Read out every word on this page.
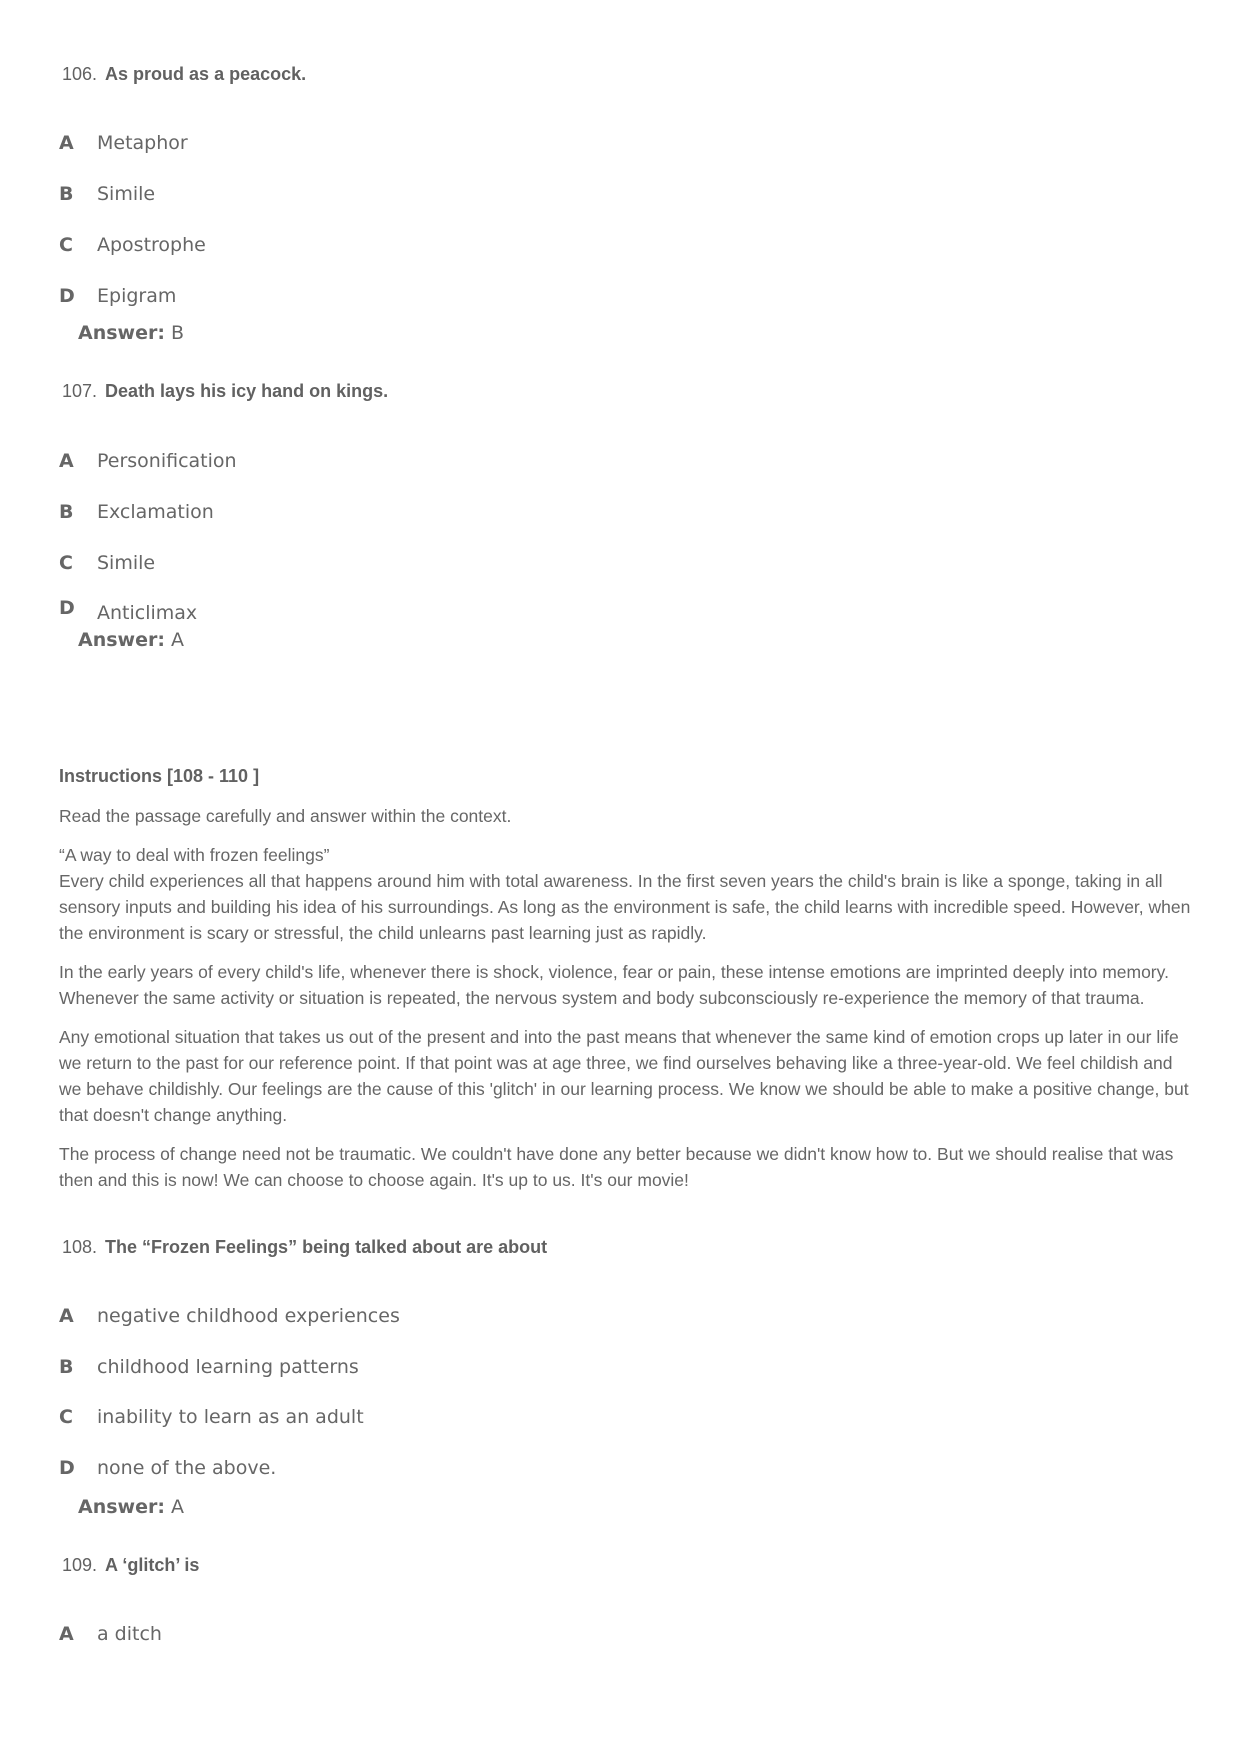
106. As proud as a peacock.
A Metaphor
B Simile
C Apostrophe
D Epigram
Answer: B
107. Death lays his icy hand on kings.
A Personification
B Exclamation
C Simile
D Anticlimax
Answer: A
Instructions [108 - 110 ]

Read the passage carefully and answer within the context.

“A way to deal with frozen feelings”

Every child experiences all that happens around him with total awareness. In the first seven years the child's brain is like a sponge, taking in all sensory inputs and building his idea of his surroundings. As long as the environment is safe, the child learns with incredible speed. However, when the environment is scary or stressful, the child unlearns past learning just as rapidly.

In the early years of every child's life, whenever there is shock, violence, fear or pain, these intense emotions are imprinted deeply into memory. Whenever the same activity or situation is repeated, the nervous system and body subconsciously re-experience the memory of that trauma.

Any emotional situation that takes us out of the present and into the past means that whenever the same kind of emotion crops up later in our life we return to the past for our reference point. If that point was at age three, we find ourselves behaving like a three-year-old. We feel childish and we behave childishly. Our feelings are the cause of this 'glitch' in our learning process. We know we should be able to make a positive change, but that doesn't change anything.

The process of change need not be traumatic. We couldn't have done any better because we didn't know how to. But we should realise that was then and this is now! We can choose to choose again. It's up to us. It's our movie!

108. The “Frozen Feelings” being talked about are about
A negative childhood experiences
B childhood learning patterns
C inability to learn as an adult
D none of the above.
Answer: A
109. A ‘glitch’ is
A a ditch
